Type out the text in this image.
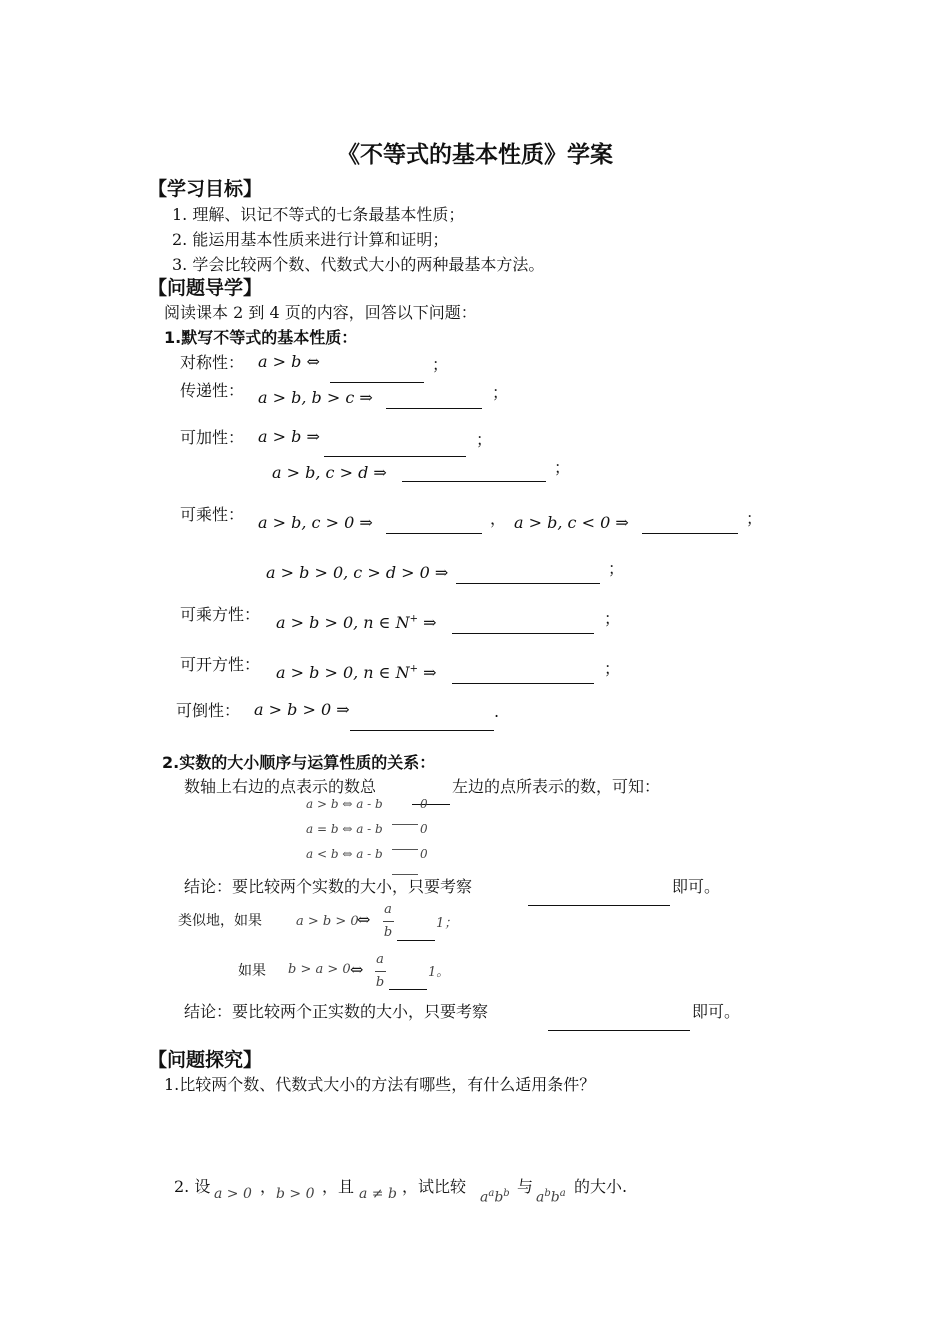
《不等式的基本性质》学案
【学习目标】
1. 理解、识记不等式的七条最基本性质；
2. 能运用基本性质来进行计算和证明；
3. 学会比较两个数、代数式大小的两种最基本方法。
【问题导学】
阅读课本 2 到 4 页的内容，回答以下问题：
1.默写不等式的基本性质：
对称性： a > b ⇔	；
传递性： a > b, b > c ⇒	；
可加性： a > b ⇒	；
a > b, c > d ⇒	；
可乘性： a > b, c > 0 ⇒	， a > b, c < 0 ⇒	；
a > b > 0, c > d > 0 ⇒	；
可乘方性： a > b > 0, n ∈ N+ ⇒	；
可开方性： a > b > 0, n ∈ N+ ⇒	；
可倒性： a > b > 0 ⇒	.
2.实数的大小顺序与运算性质的关系：
数轴上右边的点表示的数总	左边的点所表示的数，可知：
a > b ⇔ a - b	0
a = b ⇔ a - b	0
a < b ⇔ a - b	0
结论：要比较两个实数的大小，只要考察	即可。
类似地，如果	a > b > 0
⇔
a
b
1；
如果 b > a > 0 ⇔
a
b
1。
结论：要比较两个正实数的大小，只要考察	即可。
【问题探究】
1.比较两个数、代数式大小的方法有哪些，有什么适用条件？
2. 设 a > 0 ， b > 0 ，且 a ≠ b ，试比较
$a^ab^b$ 与
$a^bb^a$ 的大小.
